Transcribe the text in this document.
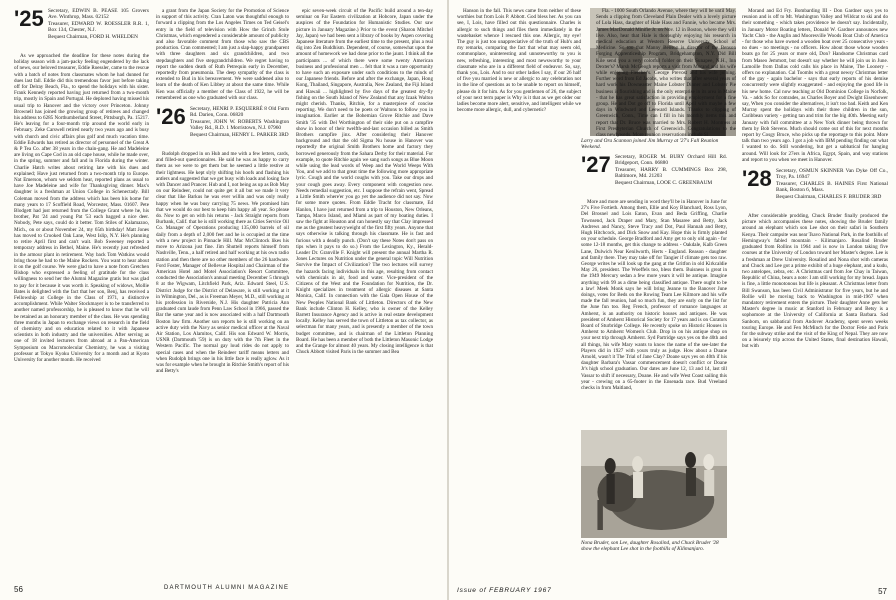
'25 Secretary, EDWIN B. PEASE 105 Grovers Ave. Winthrop, Mass. 02152
Treasurer, EDWARD W. ROESSLER R.R. 1, Box 134, Chester, N.J.
Bequest Chairman, FORD H. WHELDEN

As we approached the deadline for these notes during the holiday season with a jam-packy feeling engendered by the lack of news, our beloved treasurer, Eddie Roessler, came to the rescue with a batch of notes from classmates whom he had dunned for dues last fall. Eddie did this tremendous favor just before taking off for Delray Beach, Fla., to spend the holidays with his sister. Frank Kennedy reported having just returned from a two-month trip, mostly in Spain and Portugal. He deplored having missed his usual trip to Hanover and the victory over Princeton. Johnny Brownell has joined the growing group of retirees and changed his address to 6285 Northumberland Street, Pittsburgh, Pa. 15217. He's leaving for a four-month trip around the world early in February. Zeke Carswell retired nearly two years ago and is busy with church and civic affairs plus golf and much vacation time. Eddie Edwards has retired as director of personnel of the Great A & P Tea Co. after 38 years in the chain-gang. He and Madeleine are living on Cape Cod in an old cape house, while he made over, in the spring, summer and fall and in Florida during the winter. Charlie Hatch writes about retiring late with his dues and explained; Have just returned from a two-month trip to Europe. Nat Emerson, whom we seldom hear, reported plans as usual to have Joe Madeleine and wife for Thanksgiving dinner. Max's daughter is a freshman at Union College in Schenectady. Bill Coleman moved from the address which has been his home for many years to 17 Scoffield Road, Worcester, Mass. 01607. Pete Blodgett had just returned from the College Grant where he, his brother, Pat '24 and young Pat '53 each bagged a nice deer. Nobody, Pete says, could do it better. Tom Stiles of Kalamazoo, Mich., on or about November 24, my 65th birthday! Matt Jones has moved to Crooked Oak Lane, West Islip, N.Y. He's planning to retire April first and can't wait. Bob Sweeney reported a temporary address in Bethel, Maine. He's recently just refreshed in the armour plant in retirement. Way back Tom Watkins would bring those he had to the Maine Rockers. You want to hear about it on the golf course. We were glad to have a note from Gretchen Bishop who expressed a feeling of gratitude for the class willingness to send her the Alumni Magazine gratis but was glad to pay for it because it was worth it. Speaking of widows, Mollie Bates is delighted with the fact that her son, Benj, has received a Fellowship at College in the Class of 1971, a distinctive accomplishment. While Walter Stockmayer is to be transferred to another named professorship, he is pleased to know that he will be retained as an honorary member of the class. He was spending three months in Japan to exchange views on research in the field of chemistry and on education related to it with Japanese scientists in both industry and the universities. After serving as one of 18 invited lecturers from abroad at a Pan-American Symposium on Macromolecular Chemistry, he was a visiting professor at Tokyo Kyoku University for a month and at Kyoto University for another month. He received

a grant from the Japan Society for the Promotion of Science in support of this activity. Cran Laton was thoughtful enough to forward a clipping from the Los Angeles Times on Ted Geisel's entry in the field of television with How the Grinch Stole Christmas, which engendered a considerable amount of publicity and also favorable comment from those who saw the CBS production. Cran commented; I am just a slap-happy grandparent with three daughters and six grandchildren, and two stepdaughters and five stepgrandchildren. We regret having to report the sudden death of Ruth Petrequin early in December, reportedly from pneumonia. The deep sympathy of the class is extended to Bud in his bereavement. We were saddened also to learn of the death of Ken Libbey at about the same time. While Ken was officially a member of the Class of 1922, he will be remembered as one who graduated with our class.

'26 Secretary, HENRI P. ESQUERRÉ 8 Old Farm Rd. Darien, Conn. 06820
Treasurer, JOHN W. ROBERTS Washington Valley Rd., R.D. 1 Morristown, N.J. 07960
Bequest Chairman, HENRY L. PARKER 3RD

Rudolph dropped in on Hub and me with a few letters, cards, and filled-out questionnaires. He said he was as happy to carry them as we were to get them but he seemed a little restive at their lightness. He kept slyly shifting his hoofs and flashing his antlers and suggested that we get busy with loads and losing face with Dancer and Prancer. Hub and I, not being as up as Bob May on our Reindeer, could not quite get it all but we made it very clear that like Barkus he was ever willin and was only really happy when he was busy carrying 75 news. We promised him that we would do our best to keep him happy all year. So please do. Now to get on with his returns - Jack Straight reports from Burbank, Calif. that he is still working there as Cities Service Oil Co. Manager of Operations producing 135,000 barrels of oil daily from a depth of 2,000 feet and he is occupied at the time with a new project in Pinnacle Hill. Mac McClintock likes his move to Arizona just fine. Jim Shuttell reports himself from Nashville, Tenn., a half retired and half working at his own radio station and then there are no other members of the 26 hardware. Ford Foster, Manager of Bellevue Hospital and Chairman of the American Hotel and Motel Association's Resort Committee, conducted the Association's annual meeting December 5 through 8 at the Wigwam, Litchfield Park, Ariz. Edward Steel, U.S. District Judge for the District of Delaware, is still working at it in Wilmington, Del., as is Freeman Meyer, M.D., still working at his profession in Riverside, N.J. His daughter Patricia Ann graduated cum laude from Penn Law School in 1966, passed the Bar the same year and is now associated with a half Dartmouth Boston law firm. Another son reports he is still working on an active duty with the Navy as senior medical officer at the Naval Air Station, Los Alamitos, Calif. His son Edward W. Morris, USNR (Dartmouth '59) is on duty with the 7th Fleet in the Western Pacific. The normal gay loud rides do not apply to special cases and when the Reindeer tariff means letters and when Rudolph brings one in his little face is really aglow. As it was for example when he brought in Ritchie Smith's report of his and Betty's

epic seven-week circuit of the Pacific build around a ten-day seminar on Far Eastern civilization at Hobcore, Japan under the auspices of the Foundation for Humanistic Studies. Our saw picture in January Magazine.) Prior to the event (Sharon Mitchel Jay, Japan) we had been sent a library of books by Aspen covering Japanese literature from the earliest time to the present, plus a real dig into Zen Buddhism. Dependent, of course, somewhat upon the amount of homework we had done prior to the jaunt. I think all the participants ... of which there were some twenty American business and professional men ... felt that it was a rare opportunity to have such an exposure under such conditions to the minds of our Japanese friends. Before and after the exchange, Japan, Hong Kong, Thailand, Singapore, Australia, New Zealand, the Fiji Island and Hawaii ... highlighted by five days of the greatest dry-fly fishing on the South Island of New Zealand that any Izaak Walton might cherish. Thanks, Ritchie, for a masterpiece of concise reporting. We don't need to be poets or Waltons to follow you in imagination. Earlier at the Bohemian Grove Ritchie and Dave Smith '35 with Del Worthington of their side put on a campfire show in honor of their twelfth-and-last occasion billed as Smith Brothers campfire jinx. After considering their Hanover background and that the old Sigma Nu house in Hanover was reportedly the original Smith Brothers home and factory they borrowed generously from the Sahara Derby for their material. For example, to quote Ritchie again we sang such songs as Blue Moon while using the lead words of Weep and the World Weeps With You, and we add to that great time the following more appropriate lyric. Cough and the world coughs with you. Take our drops and your cough goes away. Every component with congestion now. Needs remedial suggestion, etc. I suppose the refrain went, Spread a Little Smith where'er you go yet the audience did not say. Now for some more quotes. From Eddie Tracht for classmate, Ed Hanlon, I have just returned from a trip to Houston, New Orleans, Tampa, Marco Island, and Miami as part of my boating duties. I saw the fight at Houston and can honestly say that Clay impressed me as the greatest heavyweight of the first fifty years. Anyone that says otherwise is talking through his classmate. He is fast and furious with a deadly punch. (Don't say these Notes don't pass on tips when it pays to do so.) From the Lexington, Ky., Herald-Leader Dr. Granville F. Knight will present the annual Martha R. Jones Lectures on Nutrition under the general topic Will Nutrition Survive the Impact of Civilization? The two lectures will survey the hazards facing individuals in this age, resulting from contact with chemicals in air, food and water. Vice-president of the Citizens of the West and the Foundation for Nutrition, the Dr. Knight specializes in treatment of allergic diseases at Santa Monica, Calif. In connection with the Gala Open House of the New Peoples National Bank of Littleton. Directors of the New Bank include Clinton H. Kelley, who is owner of the Kelley Barrett Insurance Agency and is active in real estate development locally. Kelley has served the town of Littleton as tax collector, as selectman for many years, and is presently a member of the town budget committee, and is chairman of the Littleton Planning Board. He has been a member of both the Littleton Masonic Lodge and the Grange for almost 40 years. My closing intelligence is that Chuck Abbott visited Paris in the summer and Bea

56	DARTMOUTH ALUMNI MAGAZINE

Hanson in the fall. This news came from neither of these worthies but from Lois P. Abbott. God bless her. As you can see, I, Lois, have filled out this questionnaire. Charles is allergic to such things and files them immediately in the wastebasket whence I rescued this one. Allergic, my eye! The guy is just too unappreciative of the truth of Hub's and my remarks, comparing the fact that what may seem old, commonplace, uninteresting and unnoteworthy to you is new, refreshing, interesting and most newsworthy to your classmate who are in a different field of endeavor. So, say, thank you, Lois. And to our other ladies I say, if our 26 half of five you married is new or allergic to any celebration not in the line of questions as to be unable to report on himself, please do it for him. As for you gentlemen of 26, the subject of your next term paper is Why is it that as we get older our ladies become more alert, sensitive, and intelligent while we become more allergic, dull, and cybernetic?

Larry and Ora Scannon joined Jim Murray at '27's Fall Reunion Weekend.
'27 Secretary, ROGER M. BURY Orchard Hill Rd. Bridgeport, Conn. 06880
Treasurer, HARRY B. CUMMINGS Box 298, Baltimore, Md. 21203
Bequest Chairman, LOOE C. GREENBAUM

More and more are sending in word they'll be in Hanover in June for 27's Five Fortieth. Among them, Ellie and Koy Blanchard, Ross Lyon, Del Brosnel and Lois Eaton, Evan and Beda Griffing, Charlie Townsend, Jack Draper and Mary, Stan Masaree and Betty, Jack Andrews and Nancy, Steve Tracy and Dot, Paul Hannah and Betty, Hugh Hitchcock, and Dick Snow and Kay. Hope this is firmly planted on your schedule. George Bradford and Amy get to only old again - for some 12-18 months, get this change to address - Oakdale, Kalb Green Lane, Dulwich Near Kenilworth, Herts - England. Reason - daughter and family there. They may take off for Tangier if climate gets too raw. George writes he will look up the gang at the Gritfon in old Kirkcaldie May 26, president. The Woeffels too, bless them. Buisness is great in the 1949 Mercury sedan a few more years it will be antique. Imagine anything with 99 as a dime being classified antique. There ought to be a law! Meek Monk says he will bring Jeanne to the Banover June doings, votes for Beds on the Rowing Team Lee Kilmore and his wife made the fall reunion, had so much fun, they are early on the list for the June fun too. Reg French, professor of romance languages at Amherst, is an authority on historic houses and antiques. He was president of Amherst Historical Society for 17 years and is on Curators Board of Sturbridge College. He recently spoke on Historic Houses in Amherst to Amherst Women's Club. Drop in on his antique shop on your next trip through Amherst. Syd Partridge says yes on the 40th and all things, his wife Mary wants to know the name of the see-later the Players did in 1927 with yours truly as judge. How about a Duane Arnold, wasn't it The Trial of Jane Clay? Doane says yes on 40th if his daughter Barbara's Vassar commencement doesn't conflict or Doane Jr's high school graduation. Our dates are June 12, 13 and 14, last till Vassar to shift if necessary, Doane. He and wife West Coast sailing this year - crewing on a 65-footer in the Ensenada race. Bud Vreeland checks in from Maitland,

Nona Bruder, son Lee, daughter Rosalind, and Chuck Bruder '28 show the elephant Lee shot in the foothills of Kilimanjaro.
Issue of FEBRUARY 1967	57

Morand and Ed Fry. Bombarding III - Don Gardner says yes to reunion and is off to Mt. Washington Valley and Wildcat to ski and do their something - which takes providence he doesn't say. Incidentally, in January Motor Boating letters, Donald W. Gardner announces new Yacht Club - the Anglin and Mooresville Woods Boat Club of America - for those who have owned a wooden boat over 25 consecutive years - no dues - no meetings - no officers. How about those whose wooden boats go for 25 years or more old, Don? Handsome Christmas card from Maseo Jemmott, but doesn't say whether he will join us in June. Lamoille from Dallas cold calls his place in Maine, The Loonery - offers no explanation. Cal Toombs with a great newsy Christmas letter of the gay - again bachelor - says that early reports of his demise concurrently were slightly exaggerated - and enjoying the good life in his new home. Cal now teaching at Old Dominion College in Norfolk, Va. - adds So for comrades, as Charles Boyer and Dwight Eisenhower say, When you consider the alternatives, it isn't too bad. Keith and Ken Murray spent the holidays with their three children in the sun, Caribbean variety - getting tan and trim for the big 40th. Meeting early January with full committee at a New York dinner being thrown for them by Bob Stevens. Much should come out of this for next months report by Cosgy Bruce, who picks up the reportage to this point. More talk than two years ago. I got a job with IBM pending finding out what I wanted to do. Still wondering, but get a sabbatical for hanging around. Will look for 27ers in Africa, Egypt, Spain, and way stations and report to you when we meet in Hanover.

'28 Secretary, OSMUN SKINNER Van Dyke Off Co., Troy, Pa. 16947
Treasurer, CHARLES B. HAINES First National Bank, Boston 6, Mass.
Bequest Chairman, CHARLES F. BRUDER 3RD

After considerable prodding, Chuck Bruder finally produced the picture which accompanies these notes, showing the Bruder family around an elephant which son Lee shot on their safari in Southern Kenya. Their campsite was near Tsavo National Park, in the foothills of Hemingway's fabled mountain - Kilimanjaro. Rosalind Bruder graduated from Rollins in 1964 and is now in London taking five courses at the University of London toward her Master's degree. Lee is a freshman at Drew University. Rosalind and Nona shot with cameras and Chuck and Lee got a prime exhibit of a huge elephant, and a kudu, two antelopes, zebra, etc. A Christmas card from Joe Chay in Taiwan, Republic of China, bears a note: I am still working for my bread. Japan is fine, a little monotonous but life is pleasant. A Christmas letter from Bill Swanson, has been Civil Administrator for five years, but he and Rollie will be moving back to Washington in mid-1967 when mandatory retirement enters the picture. Their daughter Anne gets her Master's degree in music at Stanford in February and Betsy is a sophomore at the University of California at Santa Barbara. Sad Sanborn, on sabbatical from Andover Academy, spent seven weeks touring Europe. He and Fen McMinch for the Doctor Fetie and Paris for the subway strike and the visit of the King of Nepal. They are now on a leisurely trip across the United States, final destination Hawaii, but with

Fla. - 1000 South Orlando Avenue, where they will be until May. Sends a clipping from Cleveland Plain Dealer with a lovely picture of Lola Hass, daughter of Hale Hass and Fannie, who became Mrs. James MacDonald Minifie Jr. on Nov. 12 in Boston, where they will live. Also, hear that Hale is thoroughly enjoying his research in medical education at Western Reserve University School of Medicine. So too that Manny Benson is director of the Benson Forging Apprenticeship Program, Bridgehampton, N.Y. Did Bill Kile send you a very colorful folder on their Sunapee, N.H., Inn Dexter's? Marsh McGeogh reports a visit from Morand and his wife while enjoying Fletcher's. George Prevost and his wife joining. Further word from Ed Jacobs, who writes that after several years of hard work his Downeaster Maine Lobster Dinner and Lobster Pie business is flourishing and is the only enterprise in its area in Maine - that he has great satisfaction in providing employment for a fine group. He and Dot go off to Florida until April with maybe a few days in Windward and Leeward Islands. Thanks to clipping of Greenwich, Conn., Time can I fill in his monthly items this and report that Dr. Bruce was married to Mrs. Robert H. Montross at First Presbyterian Church of Greenwich. Congratulations to the class newlyweds. More reunion reservations include Si
